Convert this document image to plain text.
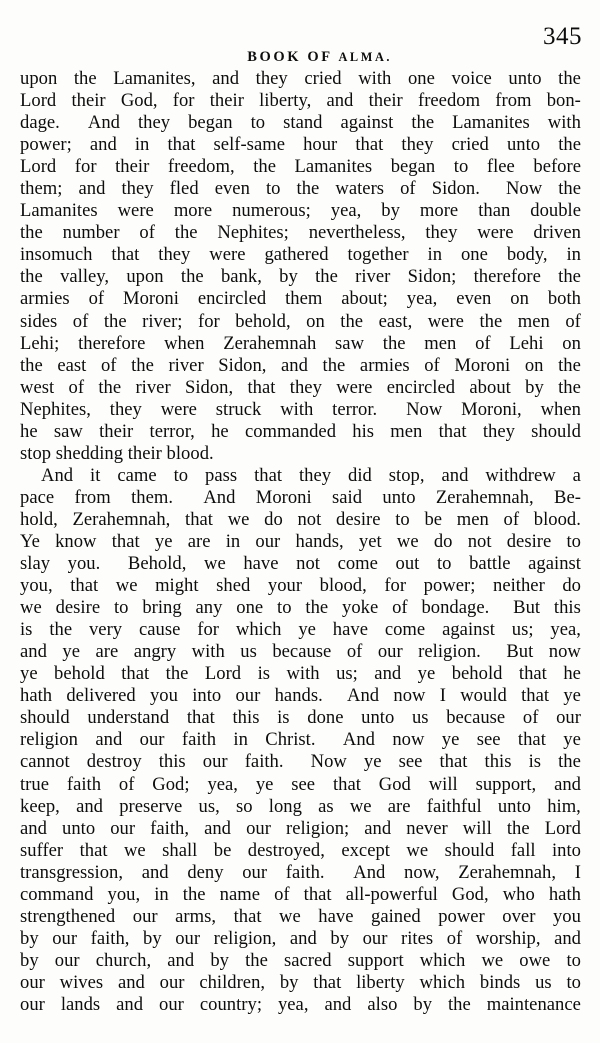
BOOK OF ALMA.

345
upon the Lamanites, and they cried with one voice unto the
Lord their God, for their liberty, and their freedom from bon-
dage. And they began to stand against the Lamanites with
power; and in that self-same hour that they cried unto the
Lord for their freedom, the Lamanites began to flee before
them; and they fled even to the waters of Sidon. Now the
Lamanites were more numerous; yea, by more than double
the number of the Nephites; nevertheless, they were driven
insomuch that they were gathered together in one body, in
the valley, upon the bank, by the river Sidon; therefore the
armies of Moroni encircled them about; yea, even on both
sides of the river; for behold, on the east, were the men of
Lehi; therefore when Zerahemnah saw the men of Lehi on
the east of the river Sidon, and the armies of Moroni on the
west of the river Sidon, that they were encircled about by the
Nephites, they were struck with terror. Now Moroni, when
he saw their terror, he commanded his men that they should
stop shedding their blood.
And it came to pass that they did stop, and withdrew a
pace from them. And Moroni said unto Zerahemnah, Be-
hold, Zerahemnah, that we do not desire to be men of blood.
Ye know that ye are in our hands, yet we do not desire to
slay you. Behold, we have not come out to battle against
you, that we might shed your blood, for power; neither do
we desire to bring any one to the yoke of bondage. But this
is the very cause for which ye have come against us; yea,
and ye are angry with us because of our religion. But now
ye behold that the Lord is with us; and ye behold that he
hath delivered you into our hands. And now I would that ye
should understand that this is done unto us because of our
religion and our faith in Christ. And now ye see that ye
cannot destroy this our faith. Now ye see that this is the
true faith of God; yea, ye see that God will support, and
keep, and preserve us, so long as we are faithful unto him,
and unto our faith, and our religion; and never will the Lord
suffer that we shall be destroyed, except we should fall into
transgression, and deny our faith. And now, Zerahemnah, I
command you, in the name of that all-powerful God, who hath
strengthened our arms, that we have gained power over you
by our faith, by our religion, and by our rites of worship, and
by our church, and by the sacred support which we owe to
our wives and our children, by that liberty which binds us to
our lands and our country; yea, and also by the maintenance
